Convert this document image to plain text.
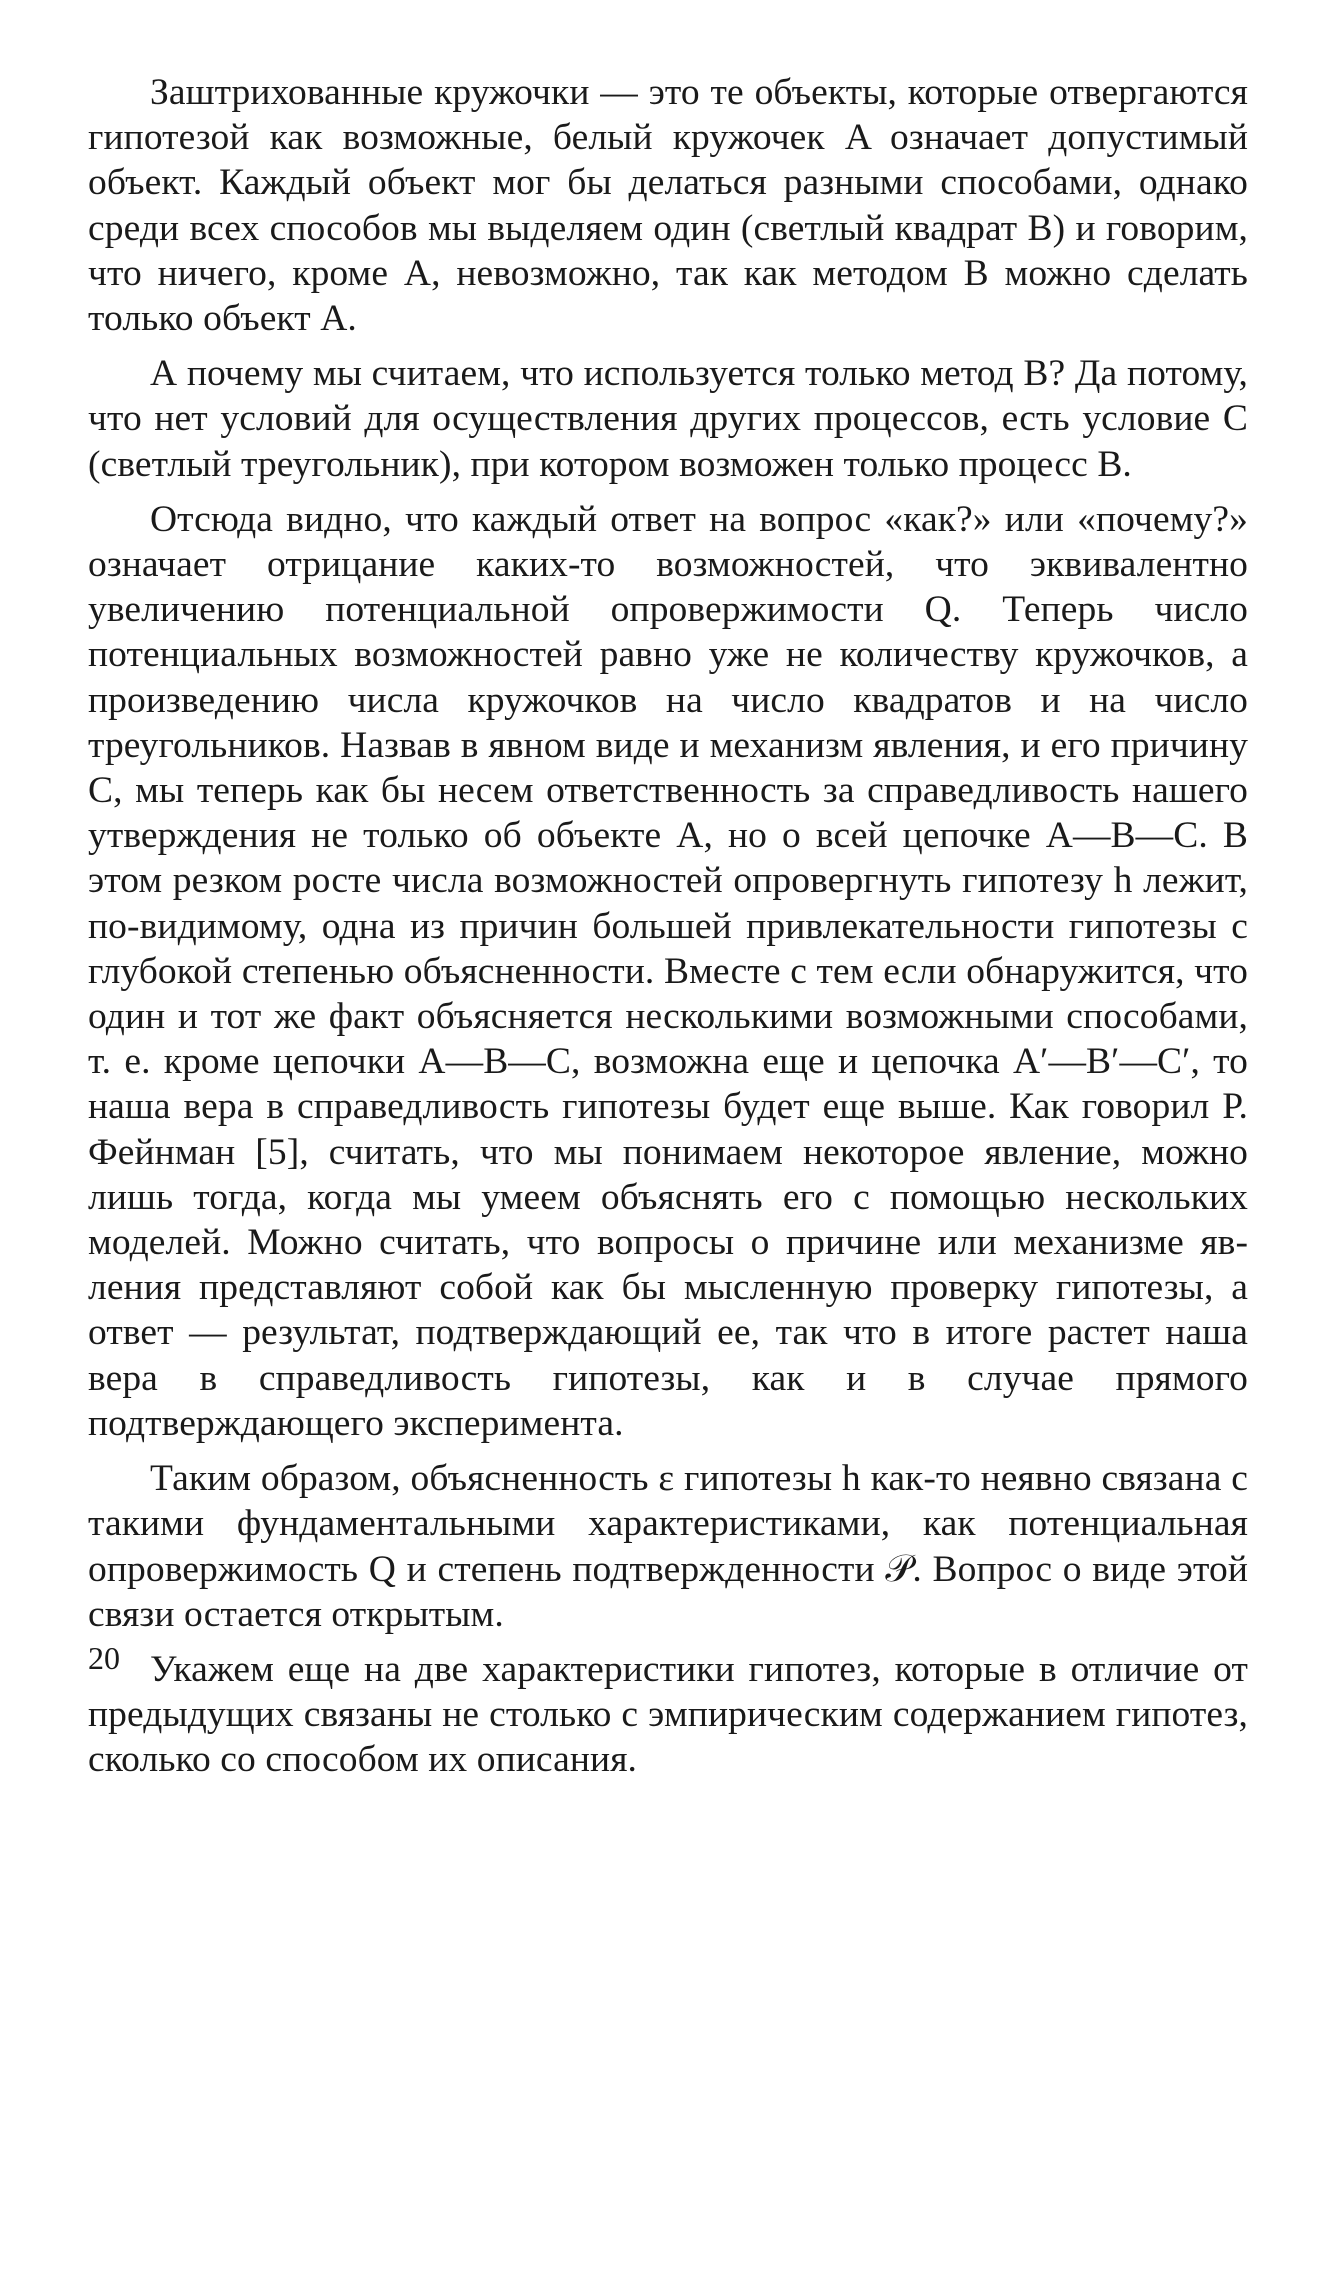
Заштрихованные кружочки — это те объекты, которые отвергаются гипотезой как возможные, белый кружочек A означает допустимый объект. Каждый объект мог бы делаться разными способами, однако среди всех способов мы выделяем один (светлый квадрат B) и говорим, что ничего, кроме A, невозможно, так как методом B можно сделать только объект A.

А почему мы считаем, что используется только метод B? Да потому, что нет условий для осуществления других процессов, есть условие C (светлый треугольник), при котором возможен только процесс B.

Отсюда видно, что каждый ответ на вопрос «как?» или «почему?» означает отрицание каких-то возможностей, что эквивалентно увеличению потенциальной опровержимости Q. Теперь число потенциальных возможностей равно уже не количеству кружочков, а произведению числа кружочков на число квадратов и на число треугольников. Назвав в явном виде и механизм явления, и его причину C, мы теперь как бы несем ответственность за справедливость нашего утверждения не только об объекте A, но о всей цепочке A—B—C. В этом резком росте числа возможностей опровергнуть гипотезу h лежит, по-видимому, одна из причин большей привлекательности гипотезы с глубокой степенью объясненности. Вместе с тем если обнаружится, что один и тот же факт объясняется несколькими возможными способами, т. е. кроме цепочки A—B—C, возможна еще и цепочка A′—B′—C′, то наша вера в справедливость гипотезы будет еще выше. Как говорил Р. Фейнман [5], считать, что мы понимаем некоторое явление, можно лишь тогда, когда мы умеем объяснять его с помощью нескольких моделей. Можно считать, что вопросы о причине или механизме явления представляют собой как бы мысленную проверку гипотезы, а ответ — результат, подтверждающий ее, так что в итоге растет наша вера в справедливость гипотезы, как и в случае прямого подтверждающего эксперимента.

Таким образом, объясненность ε гипотезы h как-то неявно связана с такими фундаментальными характеристиками, как потенциальная опровержимость Q и степень подтвержденности 𝒫. Вопрос о виде этой связи остается открытым.

Укажем еще на две характеристики гипотез, которые в отличие от предыдущих связаны не столько с эмпирическим содержанием гипотез, сколько со способом их описания.

20
